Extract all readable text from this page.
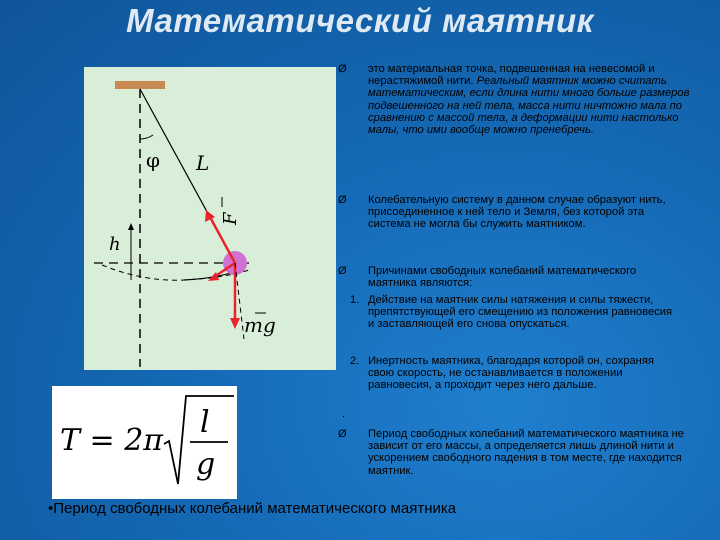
Математический маятник
φ L
h
F
mg
T = 2π
l
g
Ø это материальная точка, подвешенная на невесомой и нерастяжимой нити. Реальный маятник можно считать математическим, если длина нити много больше размеров подвешенного на ней тела, масса нити ничтожно мала по сравнению с массой тела, а деформации нити настолько малы, что ими вообще можно пренебречь.
Ø Колебательную систему в данном случае образуют нить, присоединенное к ней тело и Земля, без которой эта система не могла бы служить маятником.
Ø Причинами свободных колебаний математического маятника являются:
1. Действие на маятник силы натяжения и силы тяжести, препятствующей его смещению из положения равновесия и заставляющей его снова опускаться.
2. Инертность маятника, благодаря которой он, сохраняя свою скорость, не останавливается в положении равновесия, а проходит через него дальше.
.
Ø Период свободных колебаний математического маятника не зависит от его массы, а определяется лишь длиной нити и ускорением свободного падения в том месте, где находится маятник.
•Период свободных колебаний математического маятника
